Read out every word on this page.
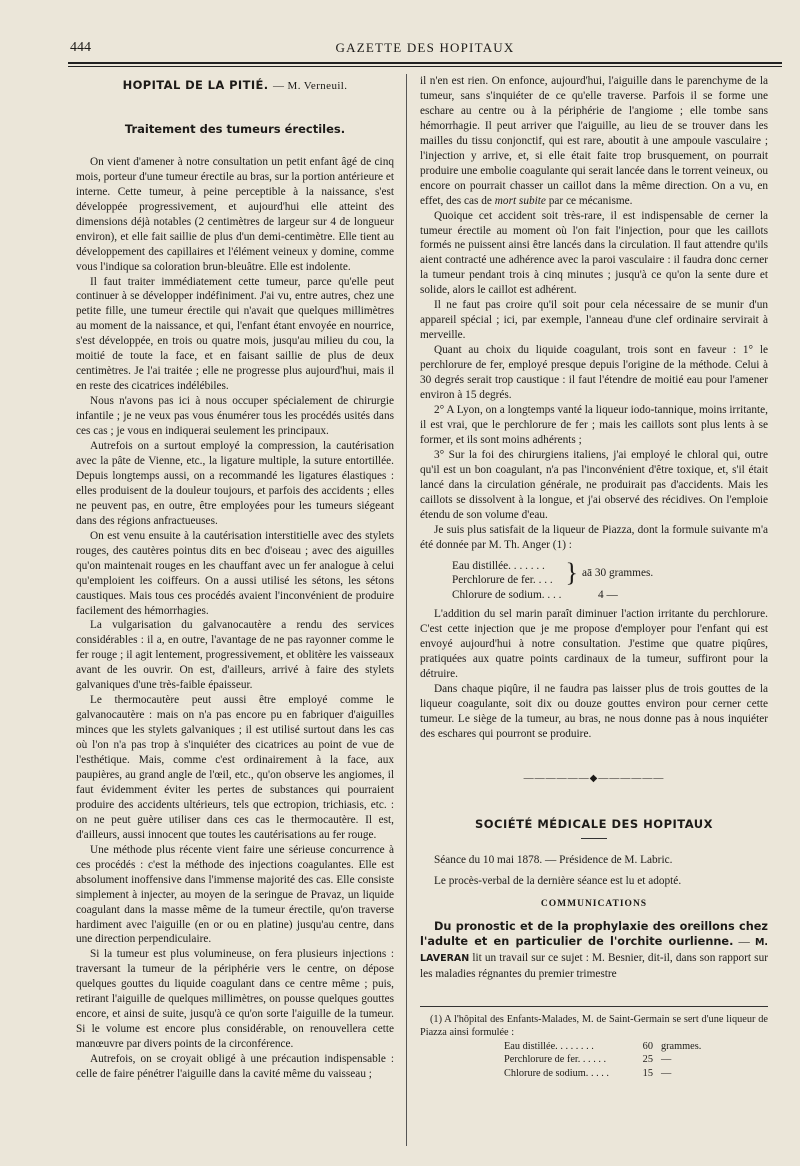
444	GAZETTE DES HOPITAUX
HOPITAL DE LA PITIÉ. — M. Verneuil.
Traitement des tumeurs érectiles.

On vient d'amener à notre consultation un petit enfant âgé de cinq mois, porteur d'une tumeur érectile au bras, sur la portion antérieure et interne. Cette tumeur, à peine perceptible à la naissance, s'est développée progressivement, et aujourd'hui elle atteint des dimensions déjà notables (2 centimètres de largeur sur 4 de longueur environ), et elle fait saillie de plus d'un demi-centimètre. Elle tient au développement des capillaires et l'élément veineux y domine, comme vous l'indique sa coloration brun-bleuâtre. Elle est indolente.

Il faut traiter immédiatement cette tumeur, parce qu'elle peut continuer à se développer indéfiniment. J'ai vu, entre autres, chez une petite fille, une tumeur érectile qui n'avait que quelques millimètres au moment de la naissance, et qui, l'enfant étant envoyée en nourrice, s'est développée, en trois ou quatre mois, jusqu'au milieu du cou, la moitié de toute la face, et en faisant saillie de plus de deux centimètres. Je l'ai traitée ; elle ne progresse plus aujourd'hui, mais il en reste des cicatrices indélébiles.

Nous n'avons pas ici à nous occuper spécialement de chirurgie infantile ; je ne veux pas vous énumérer tous les procédés usités dans ces cas ; je vous en indiquerai seulement les principaux.

Autrefois on a surtout employé la compression, la cautérisation avec la pâte de Vienne, etc., la ligature multiple, la suture entortillée. Depuis longtemps aussi, on a recommandé les ligatures élastiques : elles produisent de la douleur toujours, et parfois des accidents ; elles ne peuvent pas, en outre, être employées pour les tumeurs siégeant dans des régions anfractueuses.

On est venu ensuite à la cautérisation interstitielle avec des stylets rouges, des cautères pointus dits en bec d'oiseau ; avec des aiguilles qu'on maintenait rouges en les chauffant avec un fer analogue à celui qu'emploient les coiffeurs. On a aussi utilisé les sétons, les sétons caustiques. Mais tous ces procédés avaient l'inconvénient de produire facilement des hémorrhagies.

La vulgarisation du galvanocautère a rendu des services considérables : il a, en outre, l'avantage de ne pas rayonner comme le fer rouge ; il agit lentement, progressivement, et oblitère les vaisseaux avant de les ouvrir. On est, d'ailleurs, arrivé à faire des stylets galvaniques d'une très-faible épaisseur.

Le thermocautère peut aussi être employé comme le galvanocautère : mais on n'a pas encore pu en fabriquer d'aiguilles minces que les stylets galvaniques ; il est utilisé surtout dans les cas où l'on n'a pas trop à s'inquiéter des cicatrices au point de vue de l'esthétique. Mais, comme c'est ordinairement à la face, aux paupières, au grand angle de l'œil, etc., qu'on observe les angiomes, il faut évidemment éviter les pertes de substances qui pourraient produire des accidents ultérieurs, tels que ectropion, trichiasis, etc. : on ne peut guère utiliser dans ces cas le thermocautère. Il est, d'ailleurs, aussi innocent que toutes les cautérisations au fer rouge.

Une méthode plus récente vient faire une sérieuse concurrence à ces procédés : c'est la méthode des injections coagulantes. Elle est absolument inoffensive dans l'immense majorité des cas. Elle consiste simplement à injecter, au moyen de la seringue de Pravaz, un liquide coagulant dans la masse même de la tumeur érectile, qu'on traverse hardiment avec l'aiguille (en or ou en platine) jusqu'au centre, dans une direction perpendiculaire.

Si la tumeur est plus volumineuse, on fera plusieurs injections : traversant la tumeur de la périphérie vers le centre, on dépose quelques gouttes du liquide coagulant dans ce centre même ; puis, retirant l'aiguille de quelques millimètres, on pousse quelques gouttes encore, et ainsi de suite, jusqu'à ce qu'on sorte l'aiguille de la tumeur. Si le volume est encore plus considérable, on renouvellera cette manœuvre par divers points de la circonférence.

Autrefois, on se croyait obligé à une précaution indispensable : celle de faire pénétrer l'aiguille dans la cavité même du vaisseau ;

il n'en est rien. On enfonce, aujourd'hui, l'aiguille dans le parenchyme de la tumeur, sans s'inquiéter de ce qu'elle traverse. Parfois il se forme une eschare au centre ou à la périphérie de l'angiome ; elle tombe sans hémorrhagie. Il peut arriver que l'aiguille, au lieu de se trouver dans les mailles du tissu conjonctif, qui est rare, aboutit à une ampoule vasculaire ; l'injection y arrive, et, si elle était faite trop brusquement, on pourrait produire une embolie coagulante qui serait lancée dans le torrent veineux, ou encore on pourrait chasser un caillot dans la même direction. On a vu, en effet, des cas de mort subite par ce mécanisme.

Quoique cet accident soit très-rare, il est indispensable de cerner la tumeur érectile au moment où l'on fait l'injection, pour que les caillots formés ne puissent ainsi être lancés dans la circulation. Il faut attendre qu'ils aient contracté une adhérence avec la paroi vasculaire : il faudra donc cerner la tumeur pendant trois à cinq minutes ; jusqu'à ce qu'on la sente dure et solide, alors le caillot est adhérent.

Il ne faut pas croire qu'il soit pour cela nécessaire de se munir d'un appareil spécial ; ici, par exemple, l'anneau d'une clef ordinaire servirait à merveille.

Quant au choix du liquide coagulant, trois sont en faveur : 1° le perchlorure de fer, employé presque depuis l'origine de la méthode. Celui à 30 degrés serait trop caustique : il faut l'étendre de moitié eau pour l'amener environ à 15 degrés.

2° A Lyon, on a longtemps vanté la liqueur iodo-tannique, moins irritante, il est vrai, que le perchlorure de fer ; mais les caillots sont plus lents à se former, et ils sont moins adhérents ;

3° Sur la foi des chirurgiens italiens, j'ai employé le chloral qui, outre qu'il est un bon coagulant, n'a pas l'inconvénient d'être toxique, et, s'il était lancé dans la circulation générale, ne produirait pas d'accidents. Mais les caillots se dissolvent à la longue, et j'ai observé des récidives. On l'emploie étendu de son volume d'eau.

Je suis plus satisfait de la liqueur de Piazza, dont la formule suivante m'a été donnée par M. Th. Anger (1) :

Eau distillée. . . . . . .	}	aā 30 grammes.
Perchlorure de fer. . . .		
Chlorure de sodium. . . .		4 —

L'addition du sel marin paraît diminuer l'action irritante du perchlorure. C'est cette injection que je me propose d'employer pour l'enfant qui est envoyé aujourd'hui à notre consultation. J'estime que quatre piqûres, pratiquées aux quatre points cardinaux de la tumeur, suffiront pour la détruire.

Dans chaque piqûre, il ne faudra pas laisser plus de trois gouttes de la liqueur coagulante, soit dix ou douze gouttes environ pour cerner cette tumeur. Le siège de la tumeur, au bras, ne nous donne pas à nous inquiéter des eschares qui pourront se produire.

——————◆——————
SOCIÉTÉ MÉDICALE DES HOPITAUX

Séance du 10 mai 1878. — Présidence de M. Labric.

Le procès-verbal de la dernière séance est lu et adopté.

COMMUNICATIONS

Du pronostic et de la prophylaxie des oreillons chez l'adulte et en particulier de l'orchite ourlienne. — M. LAVERAN lit un travail sur ce sujet : M. Besnier, dit-il, dans son rapport sur les maladies régnantes du premier trimestre

(1) A l'hôpital des Enfants-Malades, M. de Saint-Germain se sert d'une liqueur de Piazza ainsi formulée :

Eau distillée. . . . . . . .	60	grammes.
Perchlorure de fer. . . . . .	25	—
Chlorure de sodium. . . . .	15	—
